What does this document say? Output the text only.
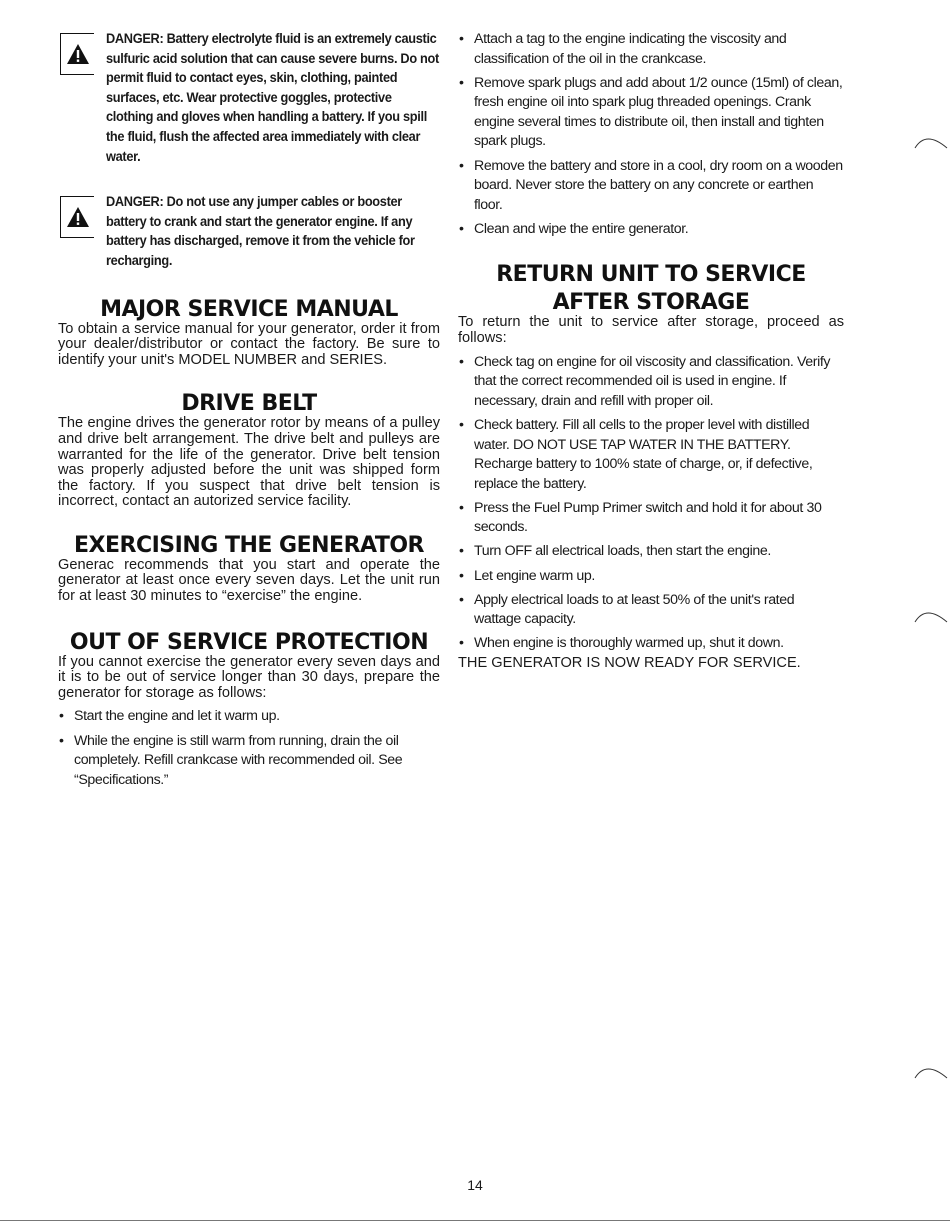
DANGER: Battery electrolyte fluid is an extremely caustic sulfuric acid solution that can cause severe burns. Do not permit fluid to contact eyes, skin, clothing, painted surfaces, etc. Wear protective goggles, protective clothing and gloves when handling a battery. If you spill the fluid, flush the affected area immediately with clear water.

DANGER: Do not use any jumper cables or booster battery to crank and start the generator engine. If any battery has discharged, remove it from the vehicle for recharging.

MAJOR SERVICE MANUAL

To obtain a service manual for your generator, order it from your dealer/distributor or contact the factory. Be sure to identify your unit's MODEL NUMBER and SERIES.

DRIVE BELT

The engine drives the generator rotor by means of a pulley and drive belt arrangement. The drive belt and pulleys are warranted for the life of the generator. Drive belt tension was properly adjusted before the unit was shipped form the factory. If you suspect that drive belt tension is incorrect, contact an autorized service facility.

EXERCISING THE GENERATOR

Generac recommends that you start and operate the generator at least once every seven days. Let the unit run for at least 30 minutes to “exercise” the engine.

OUT OF SERVICE PROTECTION

If you cannot exercise the generator every seven days and it is to be out of service longer than 30 days, prepare the generator for storage as follows:

• Start the engine and let it warm up.
• While the engine is still warm from running, drain the oil completely. Refill crankcase with recommended oil. See “Specifications.”
• Attach a tag to the engine indicating the viscosity and classification of the oil in the crankcase.
• Remove spark plugs and add about 1/2 ounce (15ml) of clean, fresh engine oil into spark plug threaded openings. Crank engine several times to distribute oil, then install and tighten spark plugs.
• Remove the battery and store in a cool, dry room on a wooden board. Never store the battery on any concrete or earthen floor.
• Clean and wipe the entire generator.
RETURN UNIT TO SERVICE
AFTER STORAGE

To return the unit to service after storage, proceed as follows:

• Check tag on engine for oil viscosity and classification. Verify that the correct recommended oil is used in engine. If necessary, drain and refill with proper oil.
• Check battery. Fill all cells to the proper level with distilled water. DO NOT USE TAP WATER IN THE BATTERY. Recharge battery to 100% state of charge, or, if defective, replace the battery.
• Press the Fuel Pump Primer switch and hold it for about 30 seconds.
• Turn OFF all electrical loads, then start the engine.
• Let engine warm up.
• Apply electrical loads to at least 50% of the unit's rated wattage capacity.
• When engine is thoroughly warmed up, shut it down.

THE GENERATOR IS NOW READY FOR SERVICE.

14
